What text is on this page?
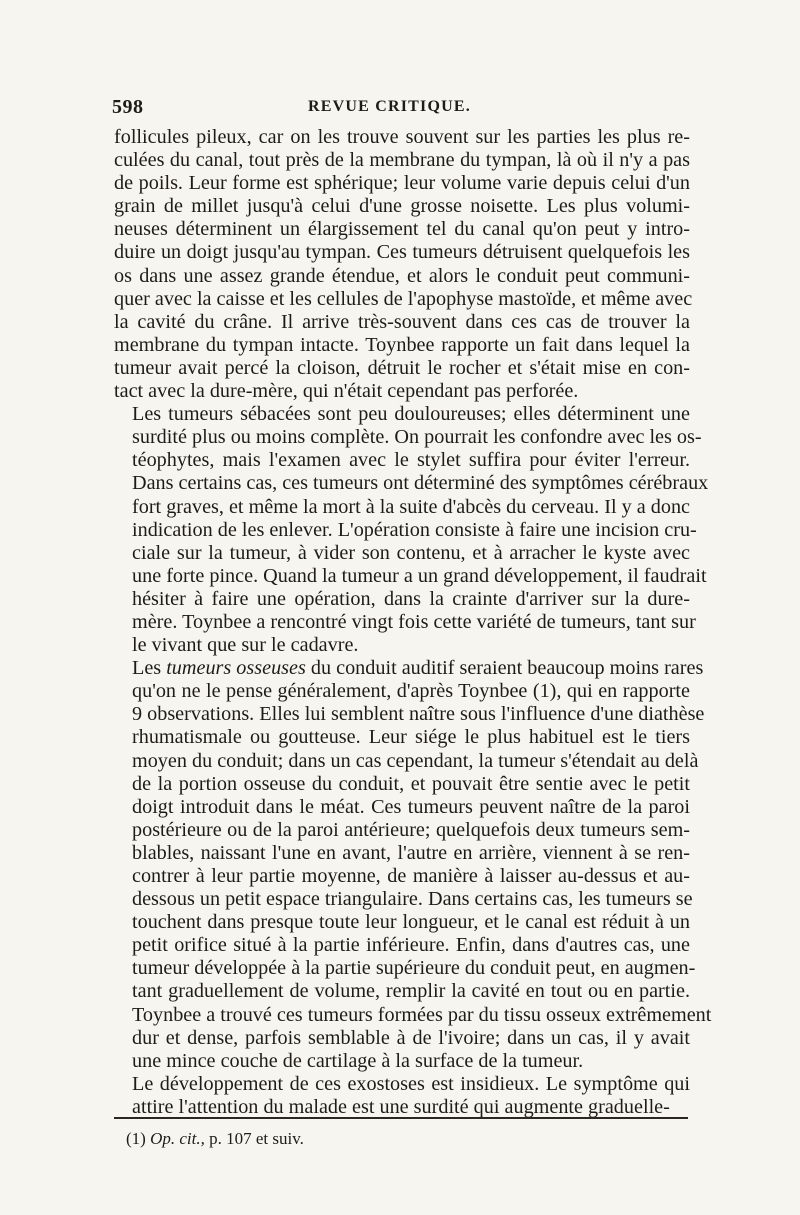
598	REVUE CRITIQUE.

follicules pileux, car on les trouve souvent sur les parties les plus re-
culées du canal, tout près de la membrane du tympan, là où il n'y a pas
de poils. Leur forme est sphérique; leur volume varie depuis celui d'un
grain de millet jusqu'à celui d'une grosse noisette. Les plus volumi-
neuses déterminent un élargissement tel du canal qu'on peut y intro-
duire un doigt jusqu'au tympan. Ces tumeurs détruisent quelquefois les
os dans une assez grande étendue, et alors le conduit peut communi-
quer avec la caisse et les cellules de l'apophyse mastoïde, et même avec
la cavité du crâne. Il arrive très-souvent dans ces cas de trouver la
membrane du tympan intacte. Toynbee rapporte un fait dans lequel la
tumeur avait percé la cloison, détruit le rocher et s'était mise en con-
tact avec la dure-mère, qui n'était cependant pas perforée.

Les tumeurs sébacées sont peu douloureuses; elles déterminent une
surdité plus ou moins complète. On pourrait les confondre avec les os-
téophytes, mais l'examen avec le stylet suffira pour éviter l'erreur.
Dans certains cas, ces tumeurs ont déterminé des symptômes cérébraux
fort graves, et même la mort à la suite d'abcès du cerveau. Il y a donc
indication de les enlever. L'opération consiste à faire une incision cru-
ciale sur la tumeur, à vider son contenu, et à arracher le kyste avec
une forte pince. Quand la tumeur a un grand développement, il faudrait
hésiter à faire une opération, dans la crainte d'arriver sur la dure-
mère. Toynbee a rencontré vingt fois cette variété de tumeurs, tant sur
le vivant que sur le cadavre.

Les tumeurs osseuses du conduit auditif seraient beaucoup moins rares
qu'on ne le pense généralement, d'après Toynbee (1), qui en rapporte
9 observations. Elles lui semblent naître sous l'influence d'une diathèse
rhumatismale ou goutteuse. Leur siége le plus habituel est le tiers
moyen du conduit; dans un cas cependant, la tumeur s'étendait au delà
de la portion osseuse du conduit, et pouvait être sentie avec le petit
doigt introduit dans le méat. Ces tumeurs peuvent naître de la paroi
postérieure ou de la paroi antérieure; quelquefois deux tumeurs sem-
blables, naissant l'une en avant, l'autre en arrière, viennent à se ren-
contrer à leur partie moyenne, de manière à laisser au-dessus et au-
dessous un petit espace triangulaire. Dans certains cas, les tumeurs se
touchent dans presque toute leur longueur, et le canal est réduit à un
petit orifice situé à la partie inférieure. Enfin, dans d'autres cas, une
tumeur développée à la partie supérieure du conduit peut, en augmen-
tant graduellement de volume, remplir la cavité en tout ou en partie.
Toynbee a trouvé ces tumeurs formées par du tissu osseux extrêmement
dur et dense, parfois semblable à de l'ivoire; dans un cas, il y avait
une mince couche de cartilage à la surface de la tumeur.

Le développement de ces exostoses est insidieux. Le symptôme qui
attire l'attention du malade est une surdité qui augmente graduelle-

(1) Op. cit., p. 107 et suiv.
